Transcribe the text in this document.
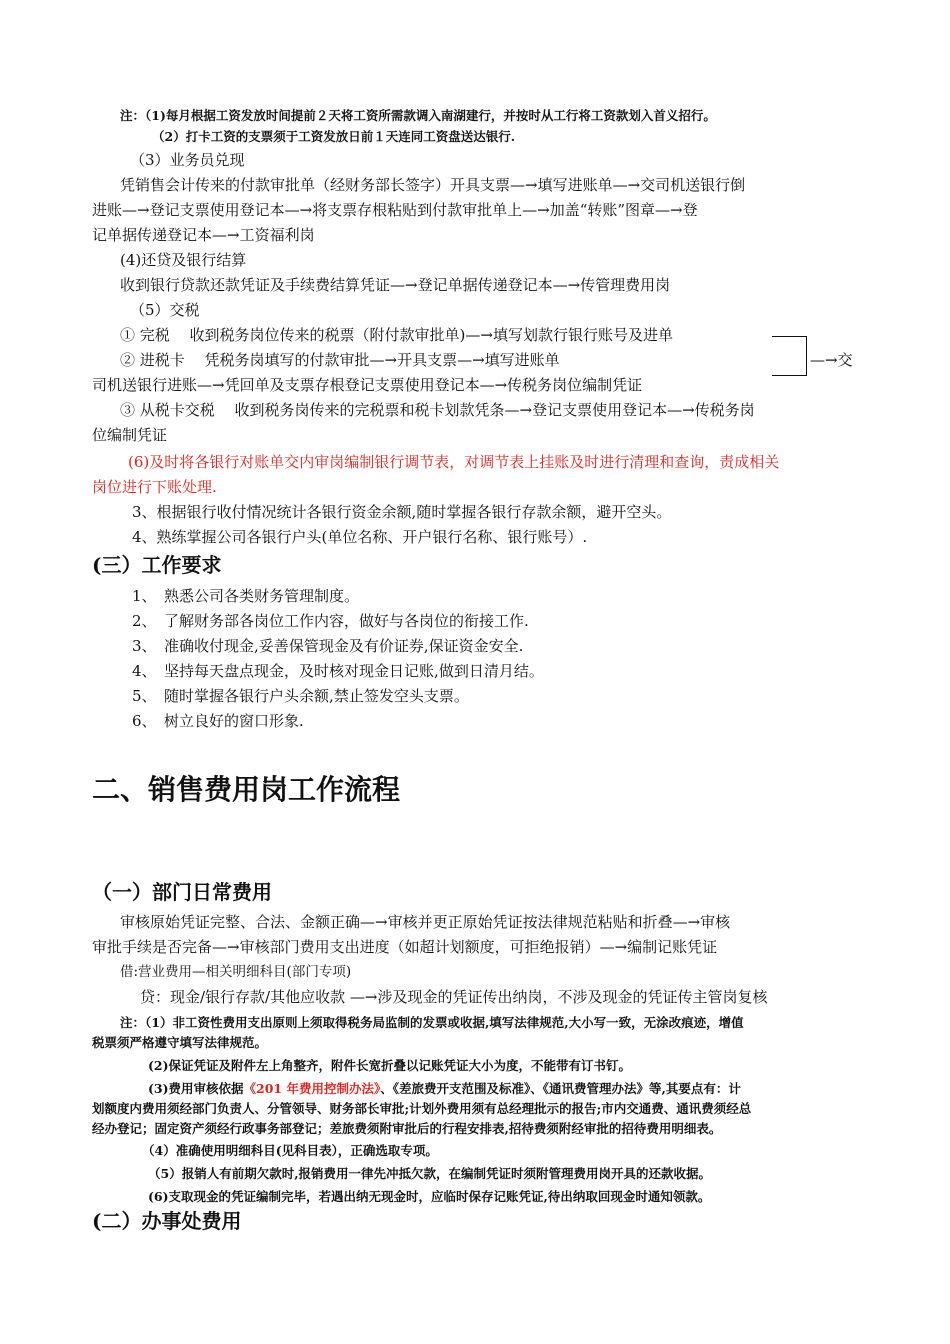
注：（1)每月根据工资发放时间提前２天将工资所需款调入南湖建行，并按时从工行将工资款划入首义招行。
（2）打卡工资的支票须于工资发放日前１天连同工资盘送达银行.
（3）业务员兑现
凭销售会计传来的付款审批单（经财务部长签字）开具支票—→填写进账单—→交司机送银行倒
进账—→登记支票使用登记本—→将支票存根粘贴到付款审批单上—→加盖“转账”图章—→登
记单据传递登记本—→工资福利岗
(4)还贷及银行结算
收到银行贷款还款凭证及手续费结算凭证—→登记单据传递登记本—→传管理费用岗
（5）交税
① 完税　 收到税务岗位传来的税票（附付款审批单)—→填写划款行银行账号及进单
② 进税卡　 凭税务岗填写的付款审批—→开具支票—→填写进账单	—→交
司机送银行进账—→凭回单及支票存根登记支票使用登记本—→传税务岗位编制凭证
③ 从税卡交税　 收到税务岗传来的完税票和税卡划款凭条—→登记支票使用登记本—→传税务岗
位编制凭证
(6)及时将各银行对账单交内审岗编制银行调节表，对调节表上挂账及时进行清理和查询，责成相关
岗位进行下账处理.
3、根据银行收付情况统计各银行资金余额,随时掌握各银行存款余额，避开空头。
4、熟练掌握公司各银行户头(单位名称、开户银行名称、银行账号）.
(三）工作要求
1、　熟悉公司各类财务管理制度。
2、　了解财务部各岗位工作内容，做好与各岗位的衔接工作.
3、　准确收付现金,妥善保管现金及有价证券,保证资金安全.
4、　坚持每天盘点现金，及时核对现金日记账,做到日清月结。
5、　随时掌握各银行户头余额,禁止签发空头支票。
6、　树立良好的窗口形象.
二、销售费用岗工作流程
（一）部门日常费用
审核原始凭证完整、合法、金额正确—→审核并更正原始凭证按法律规范粘贴和折叠—→审核
审批手续是否完备—→审核部门费用支出进度（如超计划额度，可拒绝报销）—→编制记账凭证
借:营业费用—相关明细科目(部门专项)
贷：现金/银行存款/其他应收款 —→涉及现金的凭证传出纳岗，不涉及现金的凭证传主管岗复核
注：（1）非工资性费用支出原则上须取得税务局监制的发票或收据,填写法律规范,大小写一致，无涂改痕迹，增值
税票须严格遵守填写法律规范。
(2)保证凭证及附件左上角整齐，附件长宽折叠以记账凭证大小为度，不能带有订书钉。
(3)费用审核依据《201 年费用控制办法》、《差旅费开支范围及标准》、《通讯费管理办法》等,其要点有：计
划额度内费用须经部门负责人、分管领导、财务部长审批;计划外费用须有总经理批示的报告;市内交通费、通讯费须经总
经办登记；固定资产须经行政事务部登记；差旅费须附审批后的行程安排表,招待费须附经审批的招待费用明细表。
（4）准确使用明细科目(见科目表），正确选取专项。
（5）报销人有前期欠款时,报销费用一律先冲抵欠款，在编制凭证时须附管理费用岗开具的还款收据。
(6)支取现金的凭证编制完毕，若遇出纳无现金时，应临时保存记账凭证,待出纳取回现金时通知领款。
(二）办事处费用
